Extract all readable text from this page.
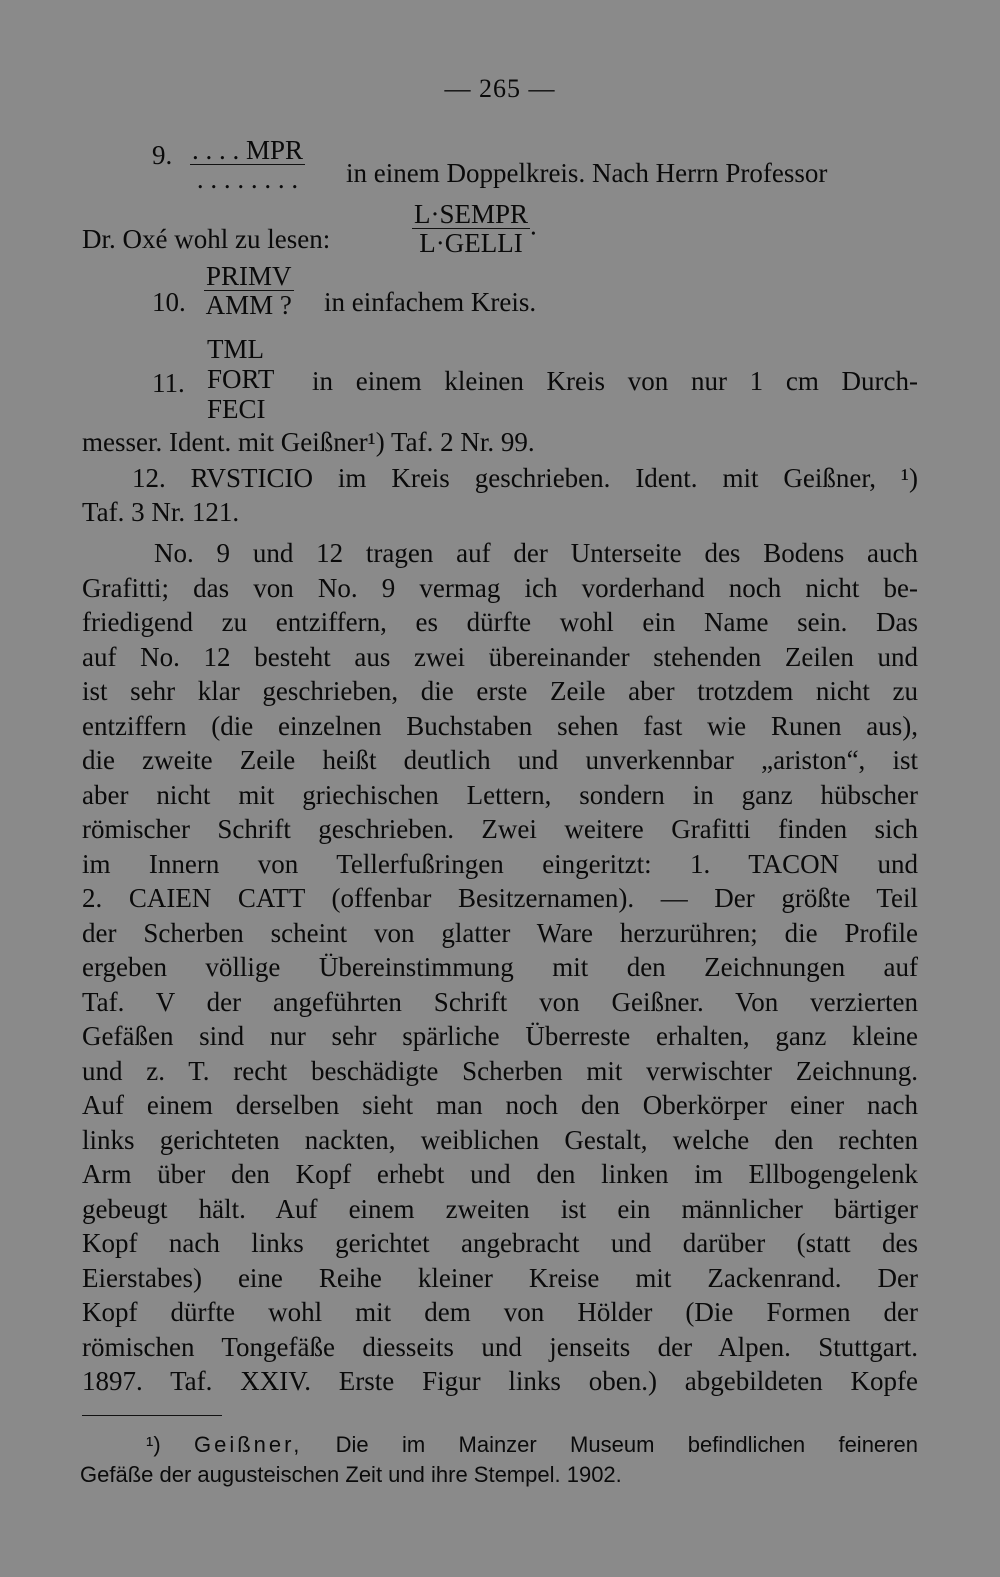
— 265 —
9. $\frac{\text{. . . . MPR}}{. . . . . . . .}$ in einem Doppelkreis. Nach Herrn Professor
Dr. Oxé wohl zu lesen:	$\frac{\text{L·SEMPR}}{\text{L·GELLI}}$ .
10. $\frac{\text{PRIMV}}{\text{AMM ?}}$ in einfachem Kreis.
11.
TML
FORT
FECI
in einem kleinen Kreis von nur 1 cm Durch-
messer. Ident. mit Geißner¹) Taf. 2 Nr. 99.
12. RVSTICIO im Kreis geschrieben. Ident. mit Geißner, ¹)
Taf. 3 Nr. 121.
No. 9 und 12 tragen auf der Unterseite des Bodens auch
Grafitti; das von No. 9 vermag ich vorderhand noch nicht be-
friedigend zu entziffern, es dürfte wohl ein Name sein. Das
auf No. 12 besteht aus zwei übereinander stehenden Zeilen und
ist sehr klar geschrieben, die erste Zeile aber trotzdem nicht zu
entziffern (die einzelnen Buchstaben sehen fast wie Runen aus),
die zweite Zeile heißt deutlich und unverkennbar „ariston“, ist
aber nicht mit griechischen Lettern, sondern in ganz hübscher
römischer Schrift geschrieben. Zwei weitere Grafitti finden sich
im Innern von Tellerfußringen eingeritzt: 1. TACON und
2. CAIEN CATT (offenbar Besitzernamen). — Der größte Teil
der Scherben scheint von glatter Ware herzurühren; die Profile
ergeben völlige Übereinstimmung mit den Zeichnungen auf
Taf. V der angeführten Schrift von Geißner. Von verzierten
Gefäßen sind nur sehr spärliche Überreste erhalten, ganz kleine
und z. T. recht beschädigte Scherben mit verwischter Zeichnung.
Auf einem derselben sieht man noch den Oberkörper einer nach
links gerichteten nackten, weiblichen Gestalt, welche den rechten
Arm über den Kopf erhebt und den linken im Ellbogengelenk
gebeugt hält. Auf einem zweiten ist ein männlicher bärtiger
Kopf nach links gerichtet angebracht und darüber (statt des
Eierstabes) eine Reihe kleiner Kreise mit Zackenrand. Der
Kopf dürfte wohl mit dem von Hölder (Die Formen der
römischen Tongefäße diesseits und jenseits der Alpen. Stuttgart.
1897. Taf. XXIV. Erste Figur links oben.) abgebildeten Kopfe
¹) Geißner, Die im Mainzer Museum befindlichen feineren
Gefäße der augusteischen Zeit und ihre Stempel. 1902.
